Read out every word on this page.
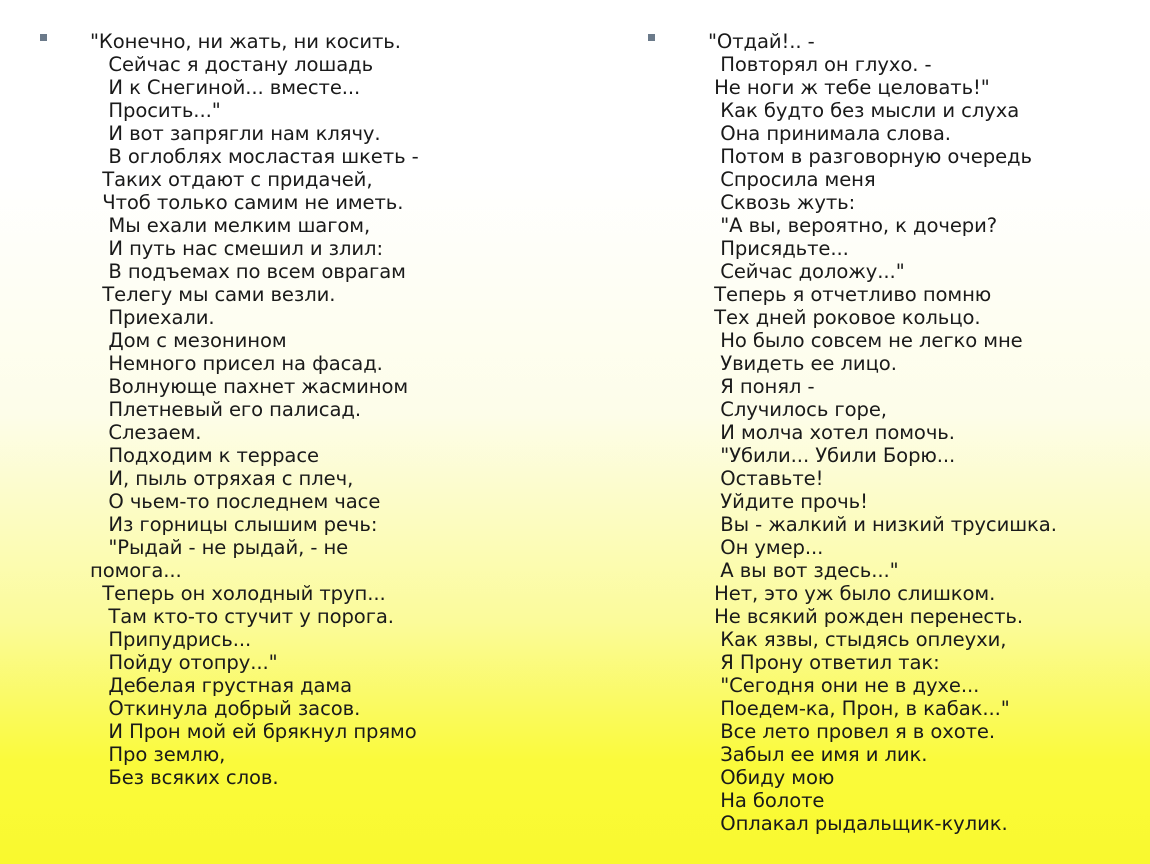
"Конечно, ни жать, ни косить.
Сейчас я достану лошадь
И к Снегиной... вместе...
Просить..."
И вот запрягли нам клячу.
В оглоблях мосластая шкеть -
Таких отдают с придачей,
Чтоб только самим не иметь.
Мы ехали мелким шагом,
И путь нас смешил и злил:
В подъемах по всем оврагам
Телегу мы сами везли.
Приехали.
Дом с мезонином
Немного присел на фасад.
Волнующе пахнет жасмином
Плетневый его палисад.
Слезаем.
Подходим к террасе
И, пыль отряхая с плеч,
О чьем-то последнем часе
Из горницы слышим речь:
"Рыдай - не рыдай, - не
помога...
Теперь он холодный труп...
Там кто-то стучит у порога.
Припудрись...
Пойду отопру..."
Дебелая грустная дама
Откинула добрый засов.
И Прон мой ей брякнул прямо
Про землю,
Без всяких слов.
"Отдай!.. -
Повторял он глухо. -
Не ноги ж тебе целовать!"
Как будто без мысли и слуха
Она принимала слова.
Потом в разговорную очередь
Спросила меня
Сквозь жуть:
"А вы, вероятно, к дочери?
Присядьте...
Сейчас доложу..."
Теперь я отчетливо помню
Тех дней роковое кольцо.
Но было совсем не легко мне
Увидеть ее лицо.
Я понял -
Случилось горе,
И молча хотел помочь.
"Убили... Убили Борю...
Оставьте!
Уйдите прочь!
Вы - жалкий и низкий трусишка.
Он умер...
А вы вот здесь..."
Нет, это уж было слишком.
Не всякий рожден перенесть.
Как язвы, стыдясь оплеухи,
Я Прону ответил так:
"Сегодня они не в духе...
Поедем-ка, Прон, в кабак..."
Все лето провел я в охоте.
Забыл ее имя и лик.
Обиду мою
На болоте
Оплакал рыдальщик-кулик.
